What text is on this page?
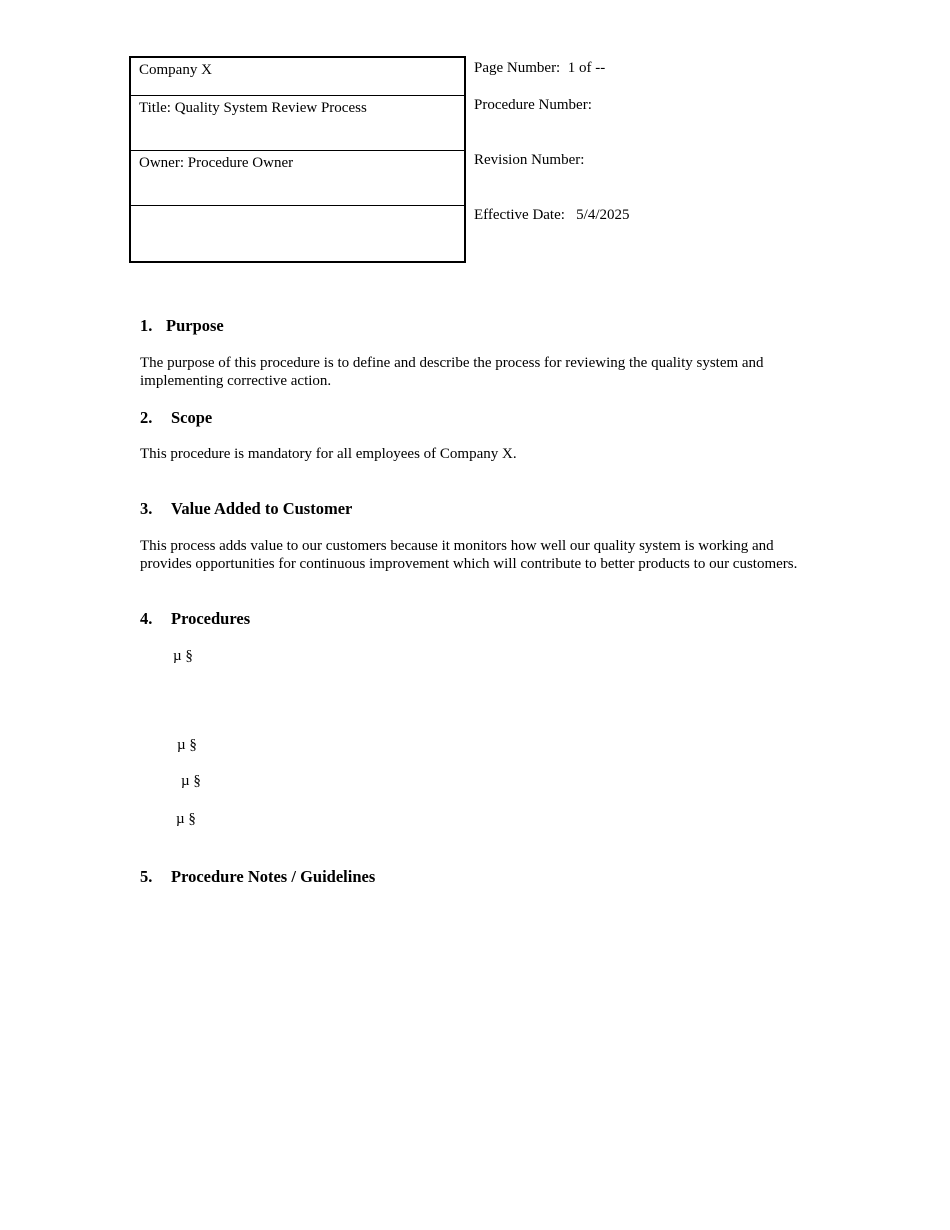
Company X
Title: Quality System Review Process
Owner: Procedure Owner
Page Number:  1 of --
Procedure Number:
Revision Number:
Effective Date:   5/4/2025
1. Purpose
The purpose of this procedure is to define and describe the process for reviewing the quality system and implementing corrective action.
2. Scope
This procedure is mandatory for all employees of Company X.
3. Value Added to Customer
This process adds value to our customers because it monitors how well our quality system is working and provides opportunities for continuous improvement which will contribute to better products to our customers.
4. Procedures
µ §
µ §
µ §
µ §
5. Procedure Notes / Guidelines
